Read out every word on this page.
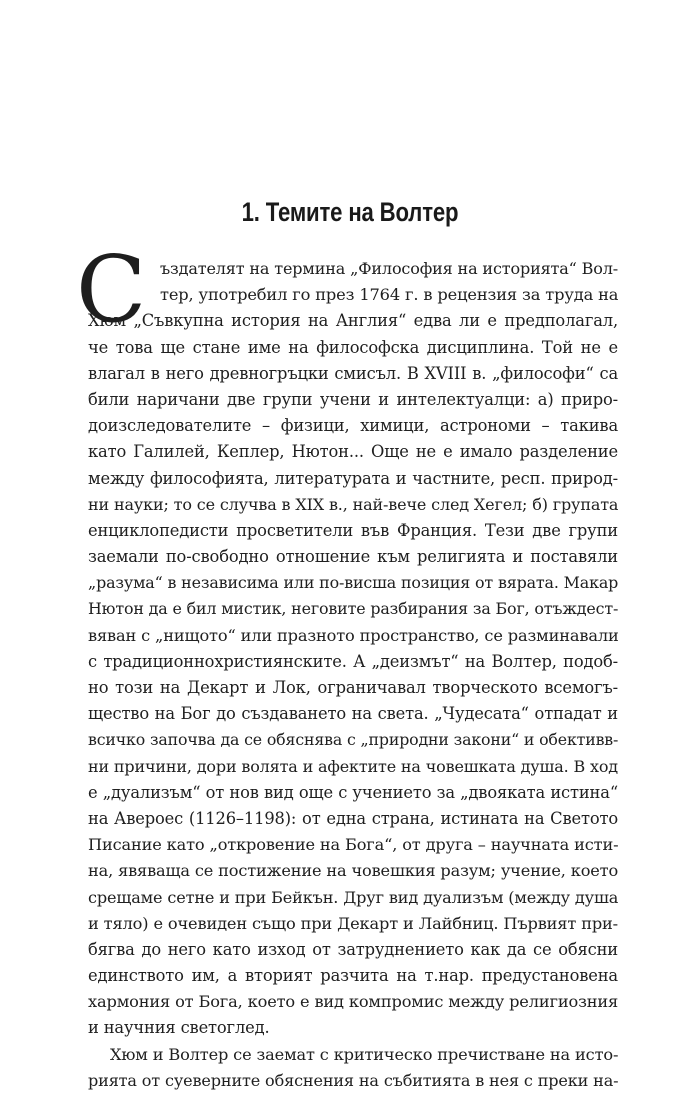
1. Темите на Волтер
С ъздателят на термина „Философия на историята“ Вол-
тер, употребил го през 1764 г. в рецензия за труда на
Хюм „Съвкупна история на Англия“ едва ли е предполагал,
че това ще стане име на философска дисциплина. Той не е
влагал в него древногръцки смисъл. В XVIII в. „философи“ са
били наричани две групи учени и интелектуалци: а) приро-
доизследователите – физици, химици, астрономи – такива
като Галилей, Кеплер, Нютон... Още не е имало разделение
между философията, литературата и частните, респ. природ-
ни науки; то се случва в XIX в., най-вече след Хегел; б) групата
енциклопедисти просветители във Франция. Тези две групи
заемали по-свободно отношение към религията и поставяли
„разума“ в независима или по-висша позиция от вярата. Макар
Нютон да е бил мистик, неговите разбирания за Бог, отъждест-
вяван с „нищото“ или празното пространство, се разминавали
с традиционнохристиянските. А „деизмът“ на Волтер, подоб-
но този на Декарт и Лок, ограничавал творческото всемогъ-
щество на Бог до създаването на света. „Чудесата“ отпадат и
всичко започва да се обяснява с „природни закони“ и обективв-
ни причини, дори волята и афектите на човешката душа. В ход
е „дуализъм“ от нов вид още с учението за „двояката истина“
на Авероес (1126–1198): от една страна, истината на Светото
Писание като „откровение на Бога“, от друга – научната исти-
на, явяваща се постижение на човешкия разум; учение, което
срещаме сетне и при Бейкън. Друг вид дуализъм (между душа
и тяло) е очевиден също при Декарт и Лайбниц. Първият при-
бягва до него като изход от затруднението как да се обясни
единството им, а вторият разчита на т.нар. предустановена
хармония от Бога, което е вид компромис между религиозния
и научния светоглед.
Хюм и Волтер се заемат с критическо пречистване на исто-
рията от суеверните обяснения на събитията в нея с преки на-
